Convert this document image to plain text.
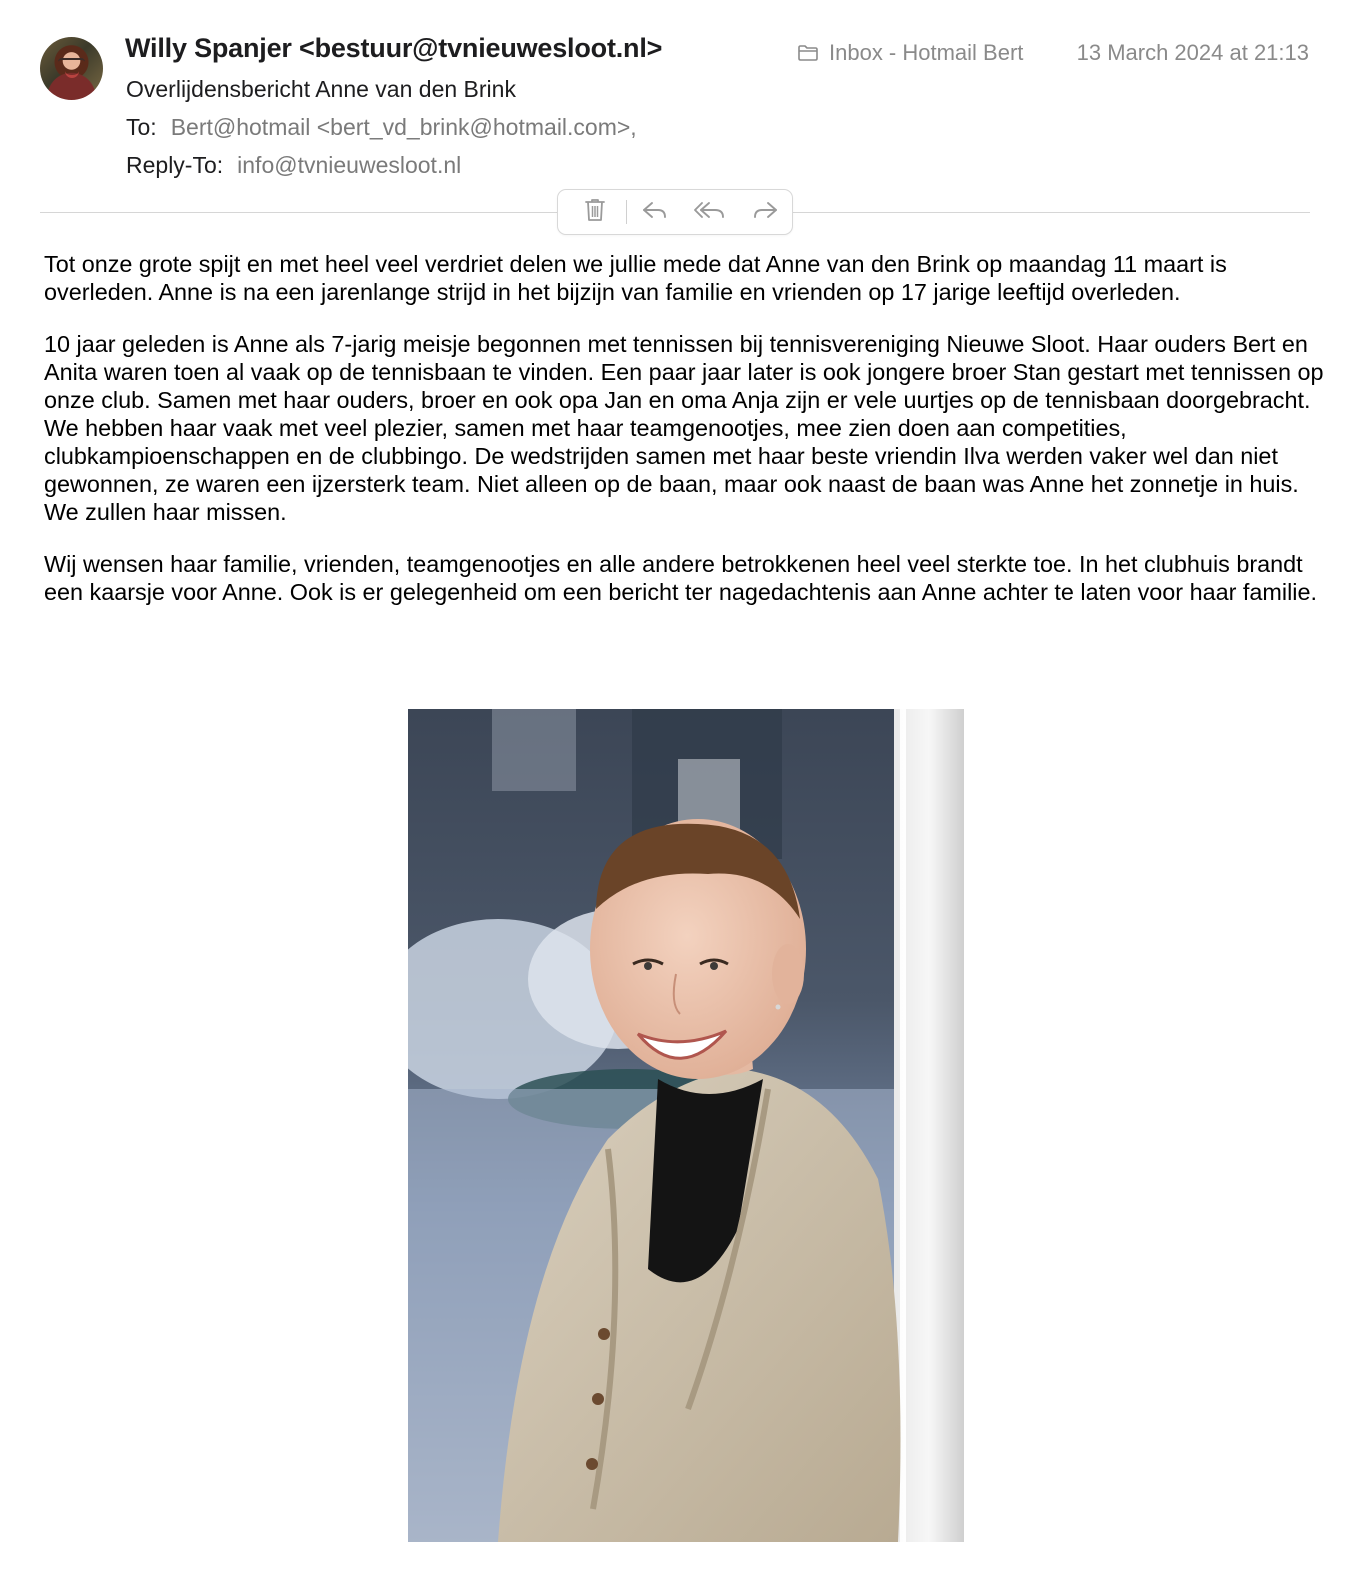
Willy Spanjer <bestuur@tvnieuwesloot.nl>
Overlijdensbericht Anne van den Brink
To: Bert@hotmail <bert_vd_brink@hotmail.com>,
Reply-To: info@tvnieuwesloot.nl
Inbox - Hotmail Bert 13 March 2024 at 21:13

Tot onze grote spijt en met heel veel verdriet delen we jullie mede dat Anne van den Brink op maandag 11 maart is overleden. Anne is na een jarenlange strijd in het bijzijn van familie en vrienden op 17 jarige leeftijd overleden.

10 jaar geleden is Anne als 7-jarig meisje begonnen met tennissen bij tennisvereniging Nieuwe Sloot. Haar ouders Bert en Anita waren toen al vaak op de tennisbaan te vinden. Een paar jaar later is ook jongere broer Stan gestart met tennissen op onze club. Samen met haar ouders, broer en ook opa Jan en oma Anja zijn er vele uurtjes op de tennisbaan doorgebracht. We hebben haar vaak met veel plezier, samen met haar teamgenootjes, mee zien doen aan competities, clubkampioenschappen en de clubbingo. De wedstrijden samen met haar beste vriendin Ilva werden vaker wel dan niet gewonnen, ze waren een ijzersterk team. Niet alleen op de baan, maar ook naast de baan was Anne het zonnetje in huis. We zullen haar missen.

Wij wensen haar familie, vrienden, teamgenootjes en alle andere betrokkenen heel veel sterkte toe. In het clubhuis brandt een kaarsje voor Anne. Ook is er gelegenheid om een bericht ter nagedachtenis aan Anne achter te laten voor haar familie.
